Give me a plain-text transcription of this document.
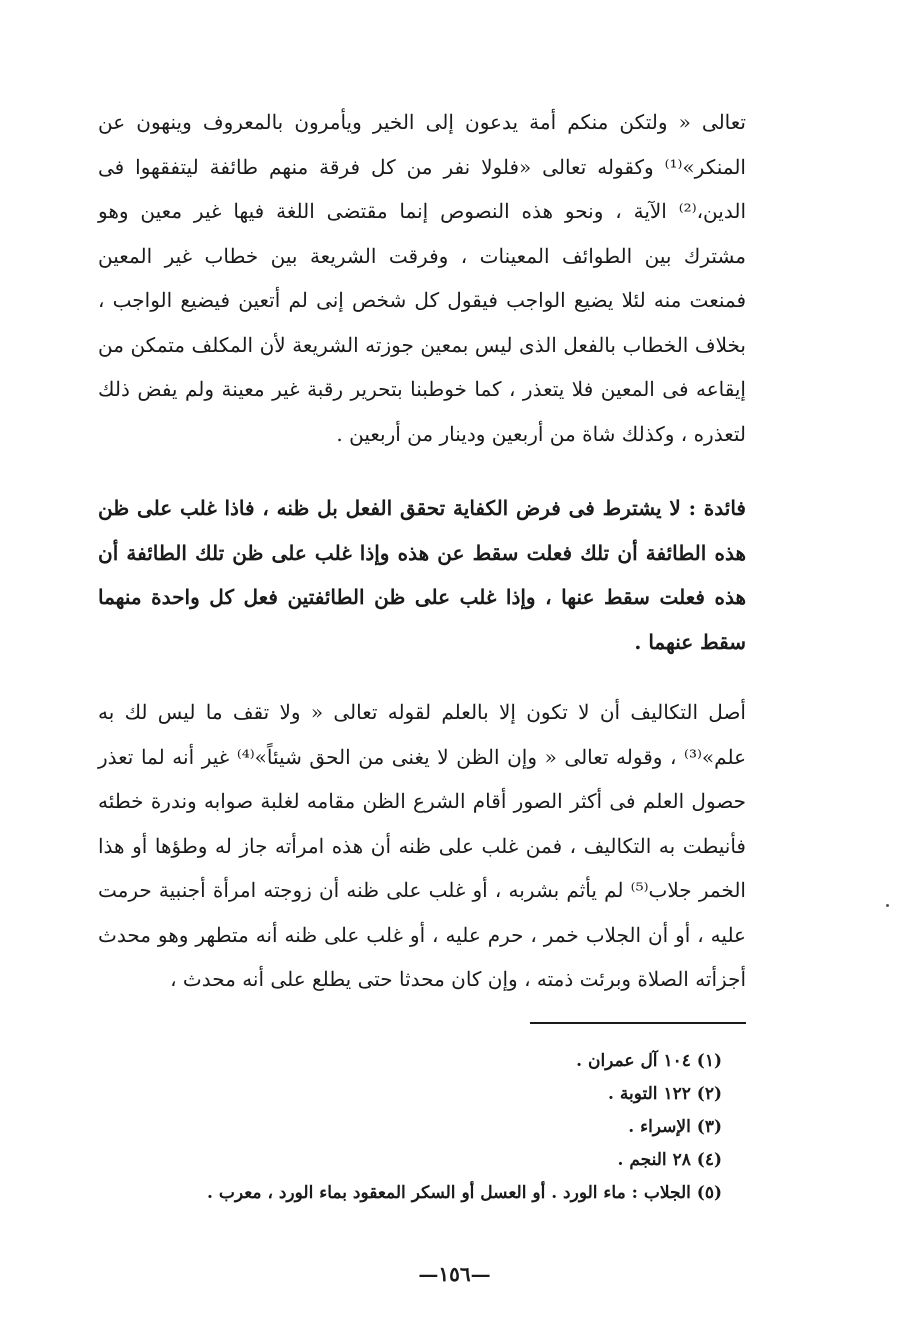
تعالى « ولتكن منكم أمة يدعون إلى الخير ويأمرون بالمعروف وينهون عن المنكر»⁽¹⁾ وكقوله تعالى «فلولا نفر من كل فرقة منهم طائفة ليتفقهوا فى الدين،⁽²⁾ الآية ، ونحو هذه النصوص إنما مقتضى اللغة فيها غير معين وهو مشترك بين الطوائف المعينات ، وفرقت الشريعة بين خطاب غير المعين فمنعت منه لئلا يضيع الواجب فيقول كل شخص إنى لم أتعين فيضيع الواجب ، بخلاف الخطاب بالفعل الذى ليس بمعين جوزته الشريعة لأن المكلف متمكن من إيقاعه فى المعين فلا يتعذر ، كما خوطبنا بتحرير رقبة غير معينة ولم يفض ذلك لتعذره ، وكذلك شاة من أربعين ودينار من أربعين .

فائدة : لا يشترط فى فرض الكفاية تحقق الفعل بل ظنه ، فاذا غلب على ظن هذه الطائفة أن تلك فعلت سقط عن هذه وإذا غلب على ظن تلك الطائفة أن هذه فعلت سقط عنها ، وإذا غلب على ظن الطائفتين فعل كل واحدة منهما سقط عنهما .

أصل التكاليف أن لا تكون إلا بالعلم لقوله تعالى « ولا تقف ما ليس لك به علم»⁽³⁾ ، وقوله تعالى « وإن الظن لا يغنى من الحق شيئاً»⁽⁴⁾ غير أنه لما تعذر حصول العلم فى أكثر الصور أقام الشرع الظن مقامه لغلبة صوابه وندرة خطئه فأنيطت به التكاليف ، فمن غلب على ظنه أن هذه امرأته جاز له وطؤها أو هذا الخمر جلاب⁽⁵⁾ لم يأثم بشربه ، أو غلب على ظنه أن زوجته امرأة أجنبية حرمت عليه ، أو أن الجلاب خمر ، حرم عليه ، أو غلب على ظنه أنه متطهر وهو محدث أجزأته الصلاة وبرئت ذمته ، وإن كان محدثا حتى يطلع على أنه محدث ،

(١) ١٠٤ آل عمران .
(٢) ١٢٢ التوبة .
(٣) الإسراء .
(٤) ٢٨ النجم .
(٥) الجلاب : ماء الورد . أو العسل أو السكر المعقود بماء الورد ، معرب .
—١٥٦—
